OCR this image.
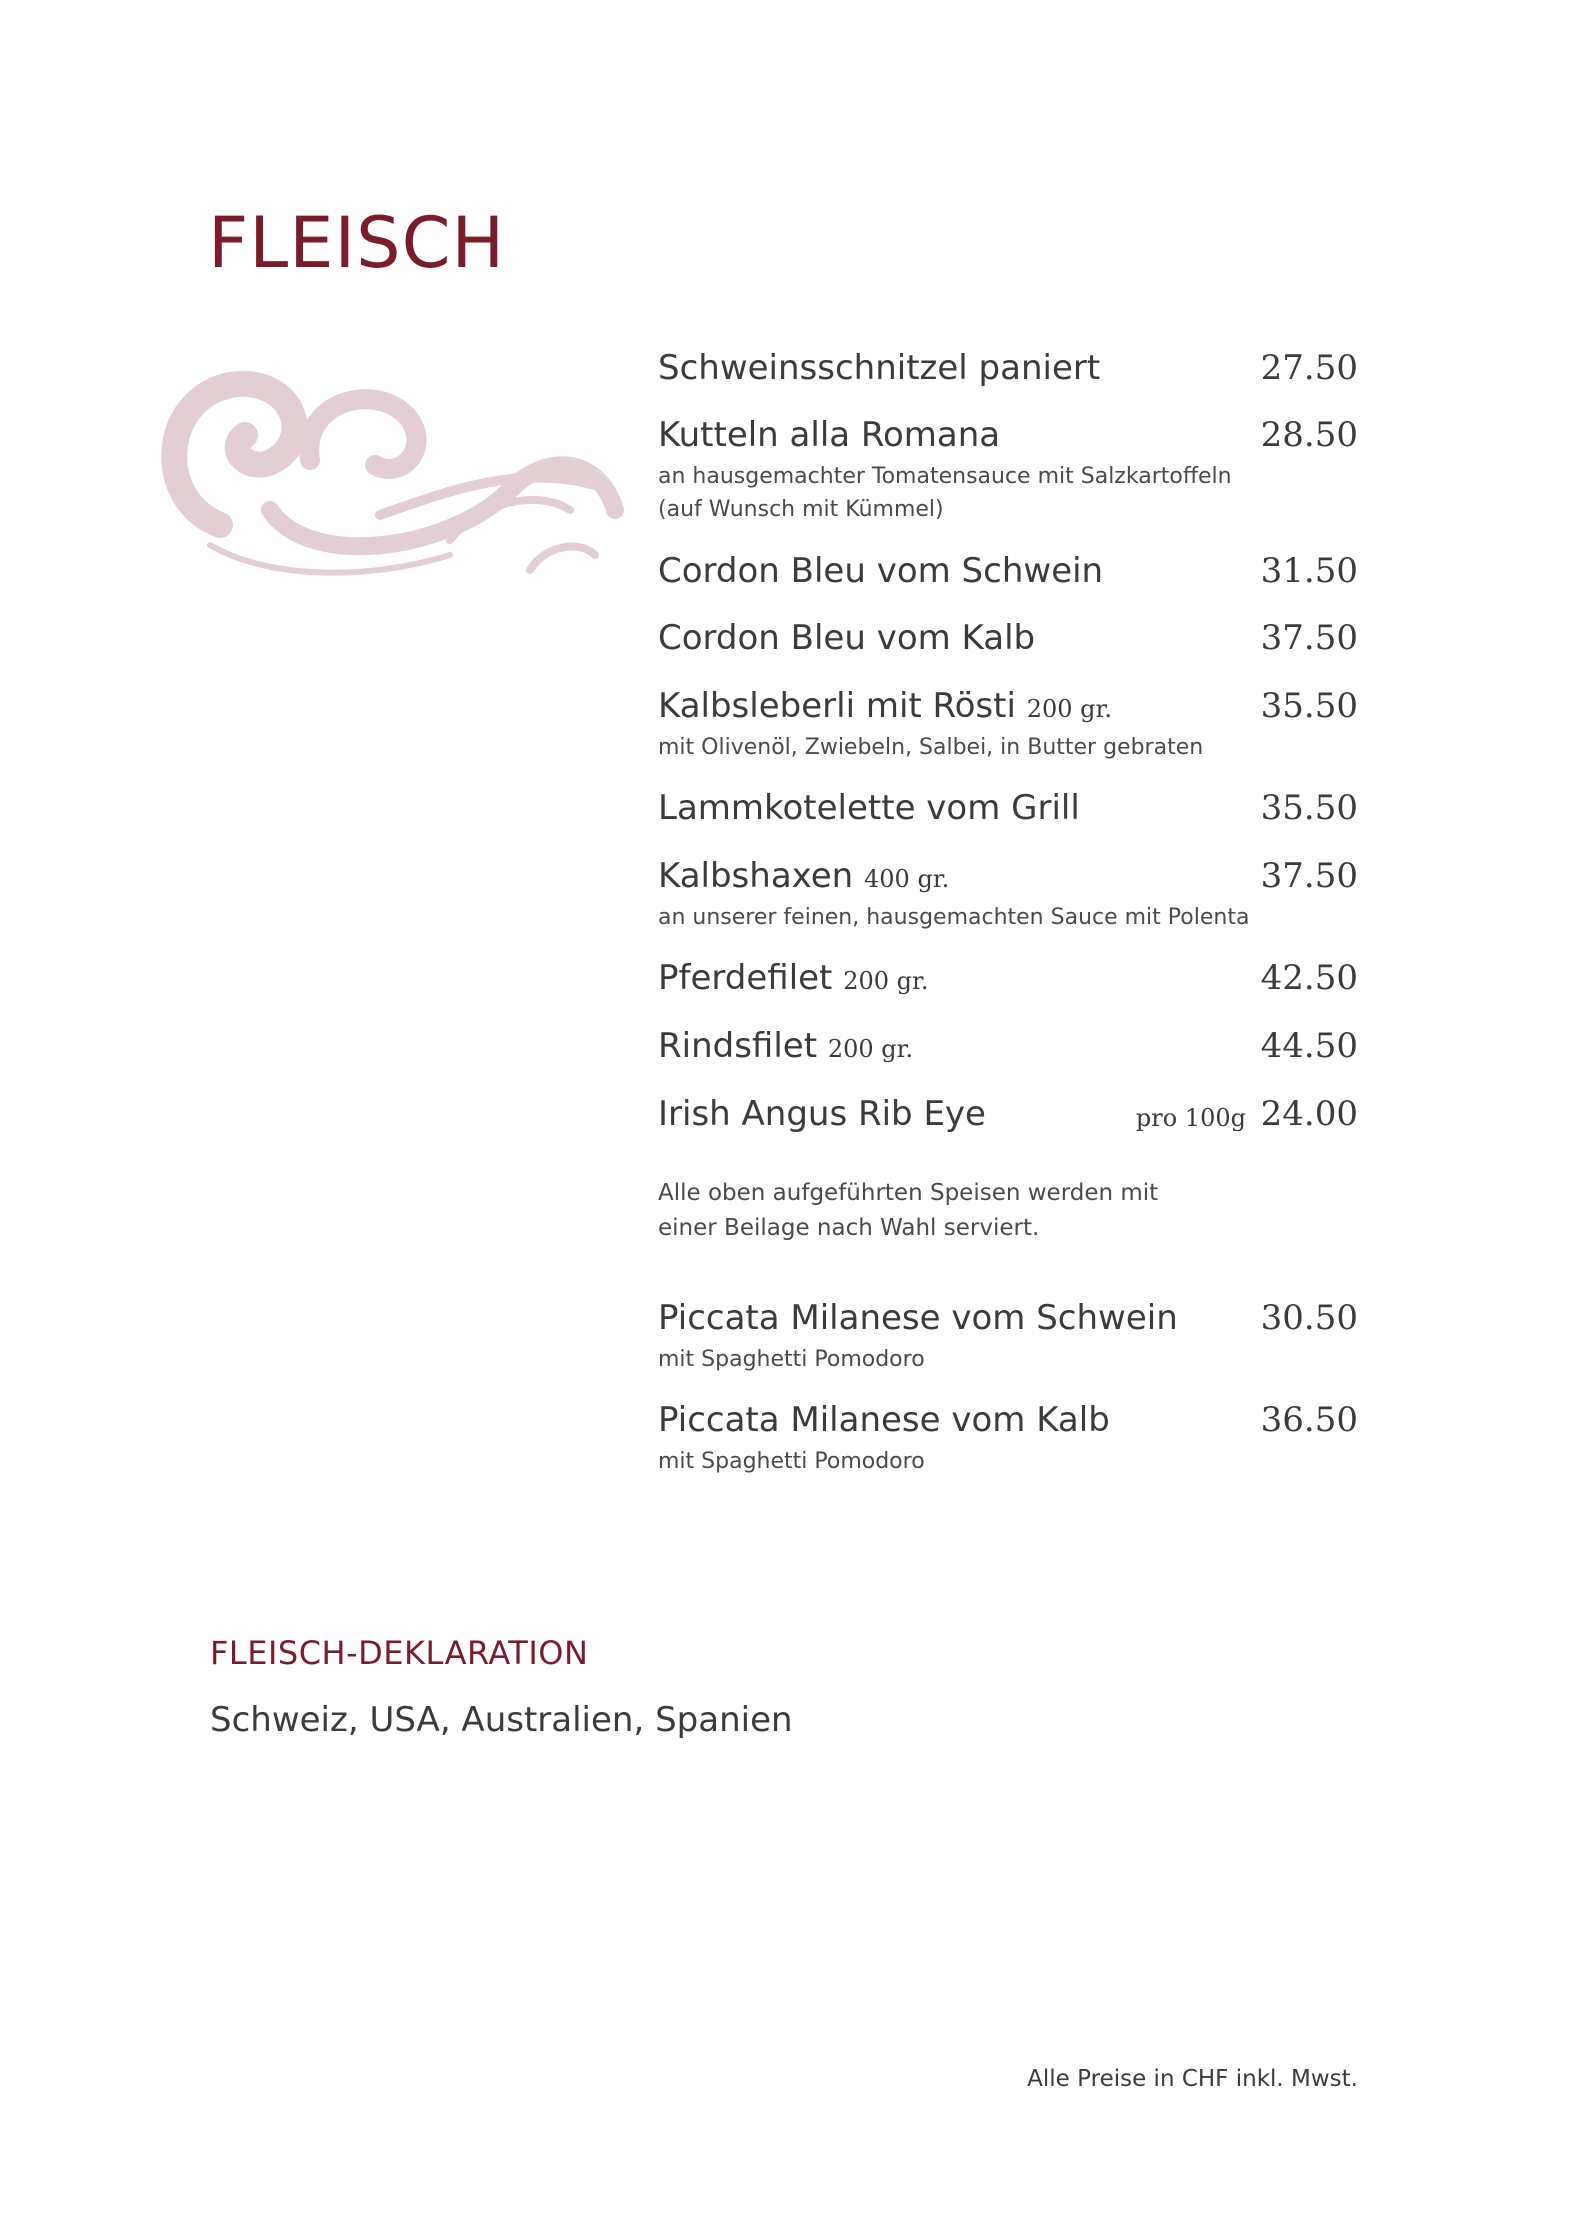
FLEISCH
Schweinsschnitzel paniert	27.50
Kutteln alla Romana	28.50
an hausgemachter Tomatensauce mit Salzkartoffeln
(auf Wunsch mit Kümmel)
Cordon Bleu vom Schwein	31.50
Cordon Bleu vom Kalb	37.50
Kalbsleberli mit Rösti 200 gr.	35.50
mit Olivenöl, Zwiebeln, Salbei, in Butter gebraten
Lammkotelette vom Grill	35.50
Kalbshaxen 400 gr.	37.50
an unserer feinen, hausgemachten Sauce mit Polenta
Pferdefilet 200 gr.	42.50
Rindsfilet 200 gr.	44.50
Irish Angus Rib Eye	pro 100g 24.00
Piccata Milanese vom Schwein 30.50
mit Spaghetti Pomodoro
Piccata Milanese vom Kalb	36.50
mit Spaghetti Pomodoro
Alle oben aufgeführten Speisen werden mit
einer Beilage nach Wahl serviert.
FLEISCH-DEKLARATION
Schweiz, USA, Australien, Spanien
Alle Preise in CHF inkl. Mwst.
